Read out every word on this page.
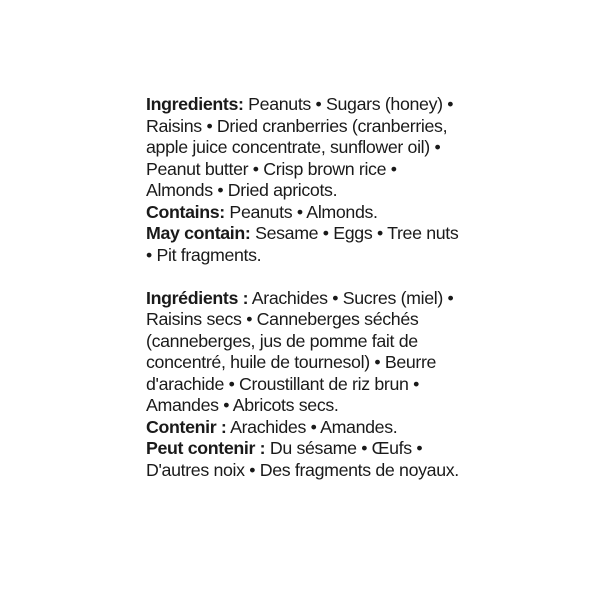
Ingredients: Peanuts • Sugars (honey) • Raisins • Dried cranberries (cranberries, apple juice concentrate, sunflower oil) • Peanut butter • Crisp brown rice • Almonds • Dried apricots.

Contains: Peanuts • Almonds.

May contain: Sesame • Eggs • Tree nuts • Pit fragments.

Ingrédients : Arachides • Sucres (miel) • Raisins secs • Canneberges séchés (canneberges, jus de pomme fait de concentré, huile de tournesol) • Beurre d'arachide • Croustillant de riz brun • Amandes • Abricots secs.

Contenir : Arachides • Amandes.

Peut contenir : Du sésame • Œufs • D'autres noix • Des fragments de noyaux.
